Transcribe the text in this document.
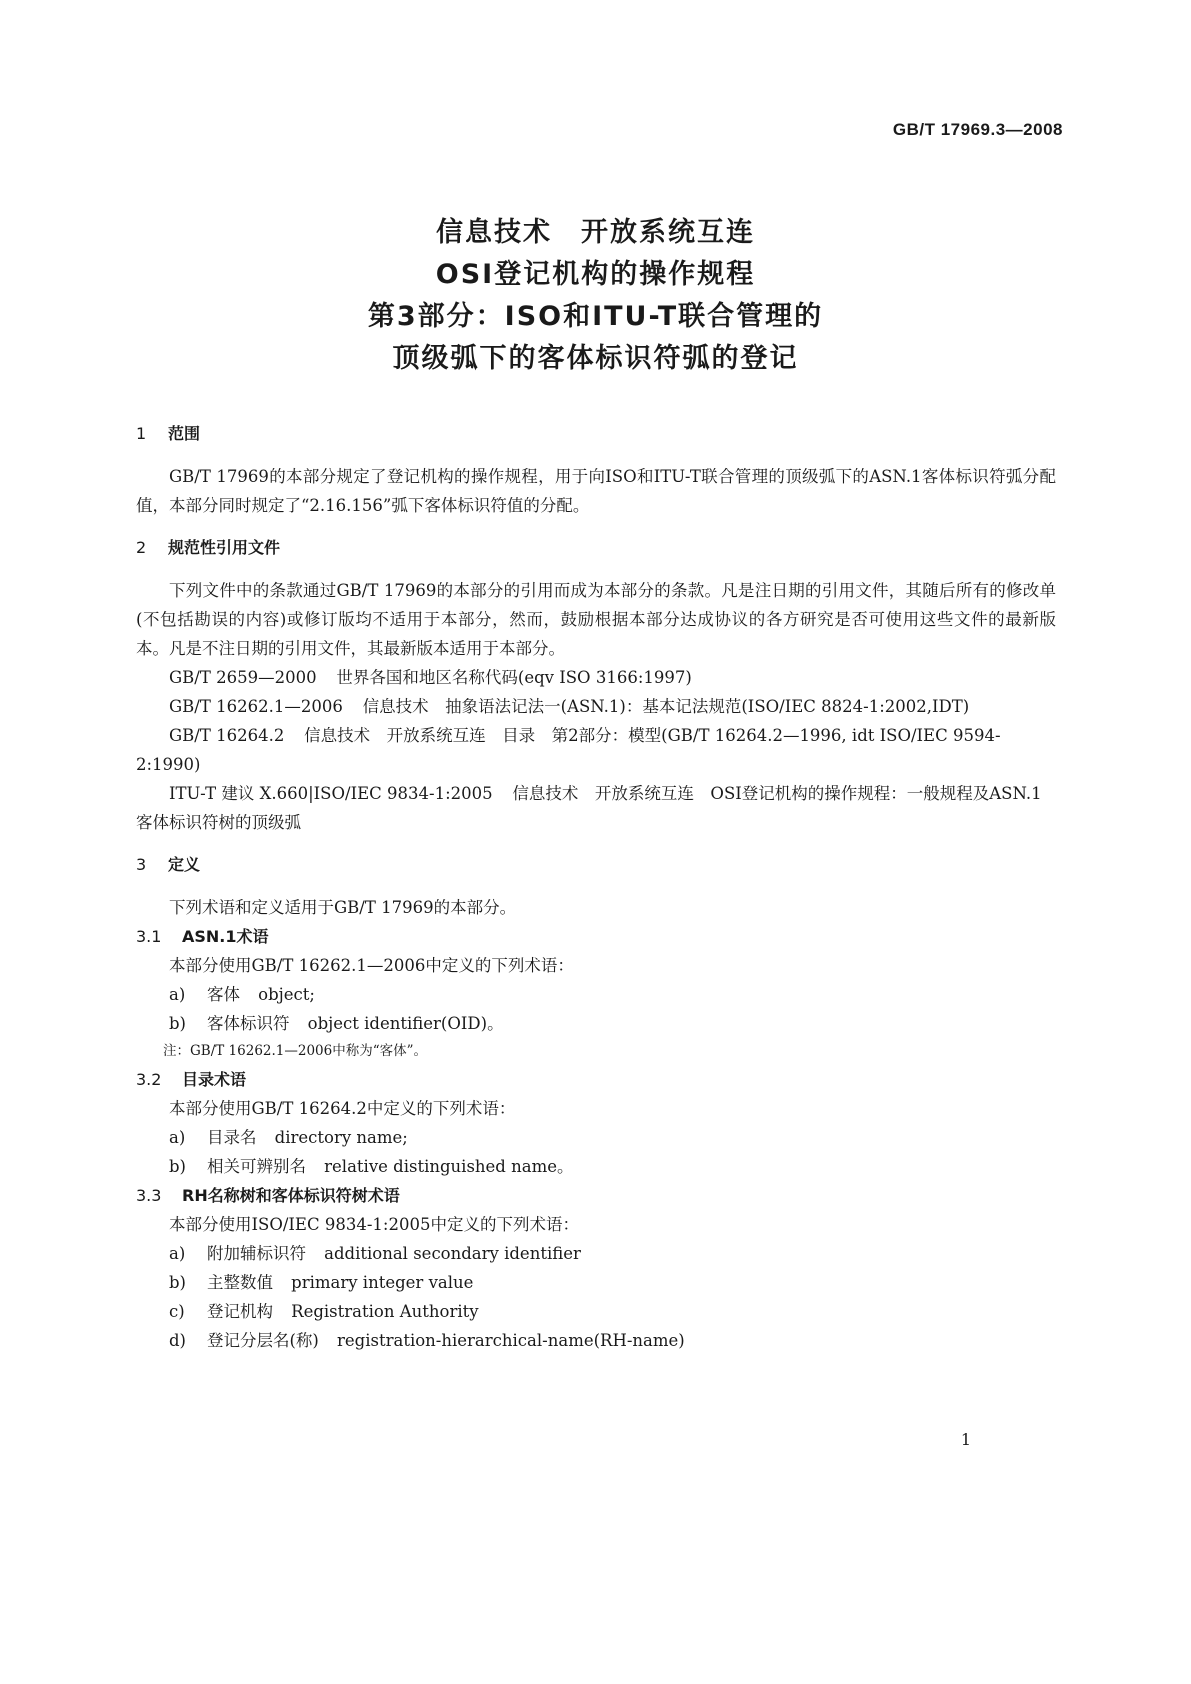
GB/T 17969.3—2008
信息技术　开放系统互连
OSI登记机构的操作规程
第3部分：ISO和ITU-T联合管理的
顶级弧下的客体标识符弧的登记
1 范围

GB/T 17969的本部分规定了登记机构的操作规程，用于向ISO和ITU-T联合管理的顶级弧下的ASN.1客体标识符弧分配值，本部分同时规定了“2.16.156”弧下客体标识符值的分配。

2 规范性引用文件

下列文件中的条款通过GB/T 17969的本部分的引用而成为本部分的条款。凡是注日期的引用文件，其随后所有的修改单(不包括勘误的内容)或修订版均不适用于本部分，然而，鼓励根据本部分达成协议的各方研究是否可使用这些文件的最新版本。凡是不注日期的引用文件，其最新版本适用于本部分。

GB/T 2659—2000 世界各国和地区名称代码(eqv ISO 3166:1997)

GB/T 16262.1—2006 信息技术　抽象语法记法一(ASN.1)：基本记法规范(ISO/IEC 8824-1:2002,IDT)

GB/T 16264.2 信息技术　开放系统互连　目录　第2部分：模型(GB/T 16264.2—1996, idt ISO/IEC 9594-2:1990)

ITU-T 建议 X.660|ISO/IEC 9834-1:2005 信息技术　开放系统互连　OSI登记机构的操作规程：一般规程及ASN.1客体标识符树的顶级弧

3 定义

下列术语和定义适用于GB/T 17969的本部分。

3.1 ASN.1术语

本部分使用GB/T 16262.1—2006中定义的下列术语：

a) 客体 object;

b) 客体标识符 object identifier(OID)。

注：GB/T 16262.1—2006中称为“客体”。

3.2 目录术语

本部分使用GB/T 16264.2中定义的下列术语：

a) 目录名 directory name;

b) 相关可辨别名 relative distinguished name。

3.3 RH名称树和客体标识符树术语

本部分使用ISO/IEC 9834-1:2005中定义的下列术语：

a) 附加辅标识符 additional secondary identifier

b) 主整数值 primary integer value

c) 登记机构 Registration Authority

d) 登记分层名(称) registration-hierarchical-name(RH-name)

1
